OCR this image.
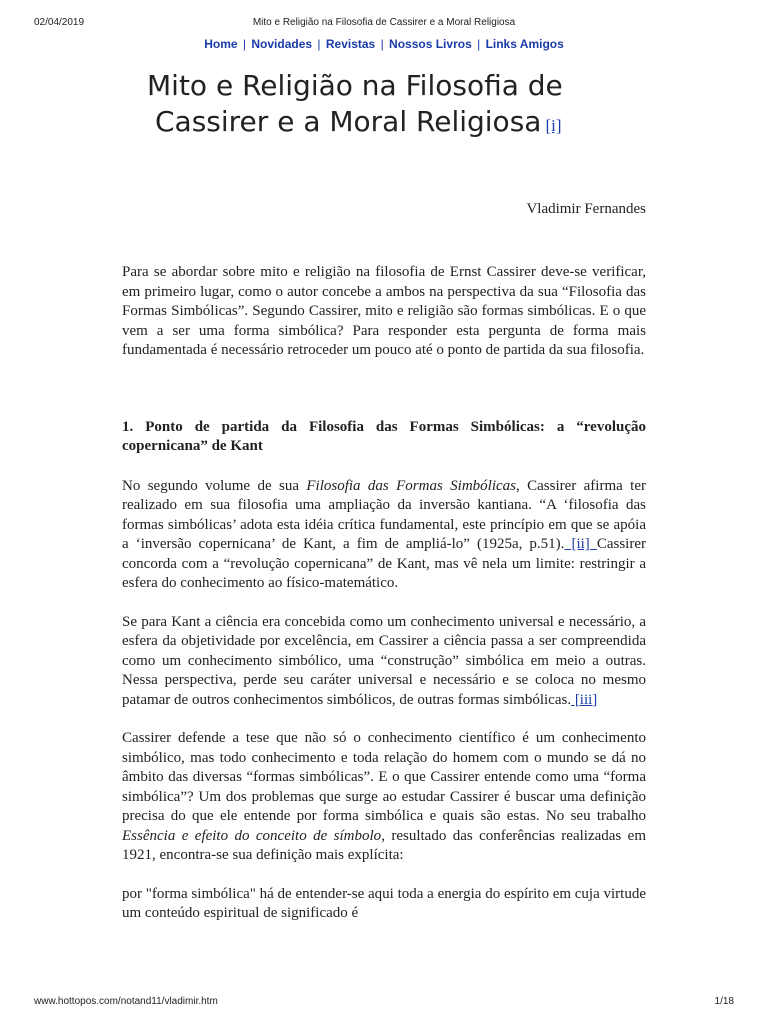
02/04/2019	Mito e Religião na Filosofia de Cassirer e a Moral Religiosa
Home | Novidades | Revistas | Nossos Livros | Links Amigos
Mito e Religião na Filosofia de
Cassirer e a Moral Religiosa [i]
Vladimir Fernandes

Para se abordar sobre mito e religião na filosofia de Ernst Cassirer deve-se verificar, em primeiro lugar, como o autor concebe a ambos na perspectiva da sua “Filosofia das Formas Simbólicas”. Segundo Cassirer, mito e religião são formas simbólicas. E o que vem a ser uma forma simbólica? Para responder esta pergunta de forma mais fundamentada é necessário retroceder um pouco até o ponto de partida da sua filosofia.

1. Ponto de partida da Filosofia das Formas Simbólicas: a “revolução copernicana” de Kant

No segundo volume de sua Filosofia das Formas Simbólicas, Cassirer afirma ter realizado em sua filosofia uma ampliação da inversão kantiana. “A ‘filosofia das formas simbólicas’ adota esta idéia crítica fundamental, este princípio em que se apóia a ‘inversão copernicana’ de Kant, a fim de ampliá-lo” (1925a, p.51). [ii] Cassirer concorda com a “revolução copernicana” de Kant, mas vê nela um limite: restringir a esfera do conhecimento ao físico-matemático.

Se para Kant a ciência era concebida como um conhecimento universal e necessário, a esfera da objetividade por excelência, em Cassirer a ciência passa a ser compreendida como um conhecimento simbólico, uma “construção” simbólica em meio a outras. Nessa perspectiva, perde seu caráter universal e necessário e se coloca no mesmo patamar de outros conhecimentos simbólicos, de outras formas simbólicas. [iii]

Cassirer defende a tese que não só o conhecimento científico é um conhecimento simbólico, mas todo conhecimento e toda relação do homem com o mundo se dá no âmbito das diversas “formas simbólicas”. E o que Cassirer entende como uma “forma simbólica”? Um dos problemas que surge ao estudar Cassirer é buscar uma definição precisa do que ele entende por forma simbólica e quais são estas. No seu trabalho Essência e efeito do conceito de símbolo, resultado das conferências realizadas em 1921, encontra-se sua definição mais explícita:

por "forma simbólica" há de entender-se aqui toda a energia do espírito em cuja virtude um conteúdo espiritual de significado é

www.hottopos.com/notand11/vladimir.htm	1/18
